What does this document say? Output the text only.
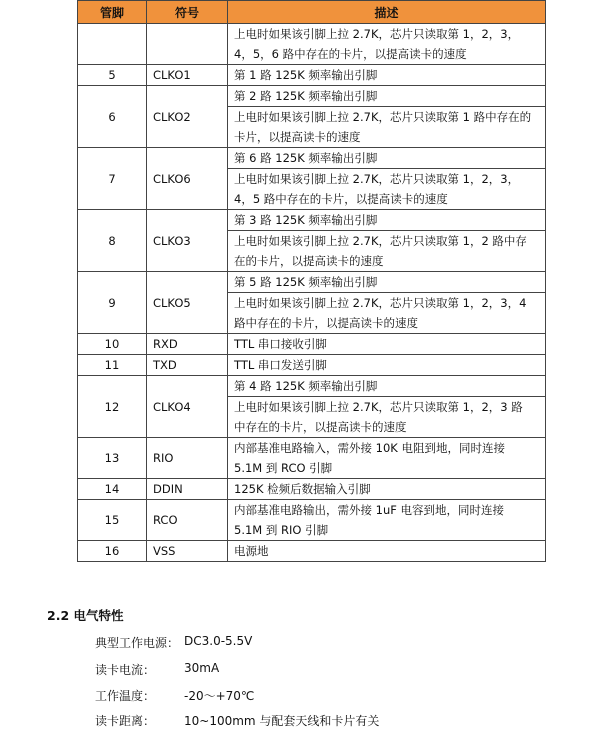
管脚	符号	描述

		上电时如果该引脚上拉 2.7K，芯片只读取第 1，2，3，
4，5，6 路中存在的卡片，以提高读卡的速度

5	CLKO1	第 1 路 125K 频率输出引脚

6	CLKO2	第 2 路 125K 频率输出引脚

		上电时如果该引脚上拉 2.7K，芯片只读取第 1 路中存在的
卡片，以提高读卡的速度

7	CLKO6	第 6 路 125K 频率输出引脚

		上电时如果该引脚上拉 2.7K，芯片只读取第 1，2，3，
4，5 路中存在的卡片，以提高读卡的速度

8	CLKO3	第 3 路 125K 频率输出引脚

		上电时如果该引脚上拉 2.7K，芯片只读取第 1，2 路中存
在的卡片，以提高读卡的速度

9	CLKO5	第 5 路 125K 频率输出引脚

		上电时如果该引脚上拉 2.7K，芯片只读取第 1，2，3，4
路中存在的卡片，以提高读卡的速度

10	RXD	TTL 串口接收引脚

11	TXD	TTL 串口发送引脚

12	CLKO4	第 4 路 125K 频率输出引脚

		上电时如果该引脚上拉 2.7K，芯片只读取第 1，2，3 路
中存在的卡片，以提高读卡的速度

13	RIO	内部基准电路输入，需外接 10K 电阻到地，同时连接
5.1M 到 RCO 引脚

14	DDIN	125K 检频后数据输入引脚

15	RCO	内部基准电路输出，需外接 1uF 电容到地，同时连接
5.1M 到 RIO 引脚

16	VSS	电源地
2.2 电气特性
典型工作电源： DC3.0-5.5V
读卡电流： 30mA
工作温度： -20～+70℃
读卡距离： 10~100mm 与配套天线和卡片有关
